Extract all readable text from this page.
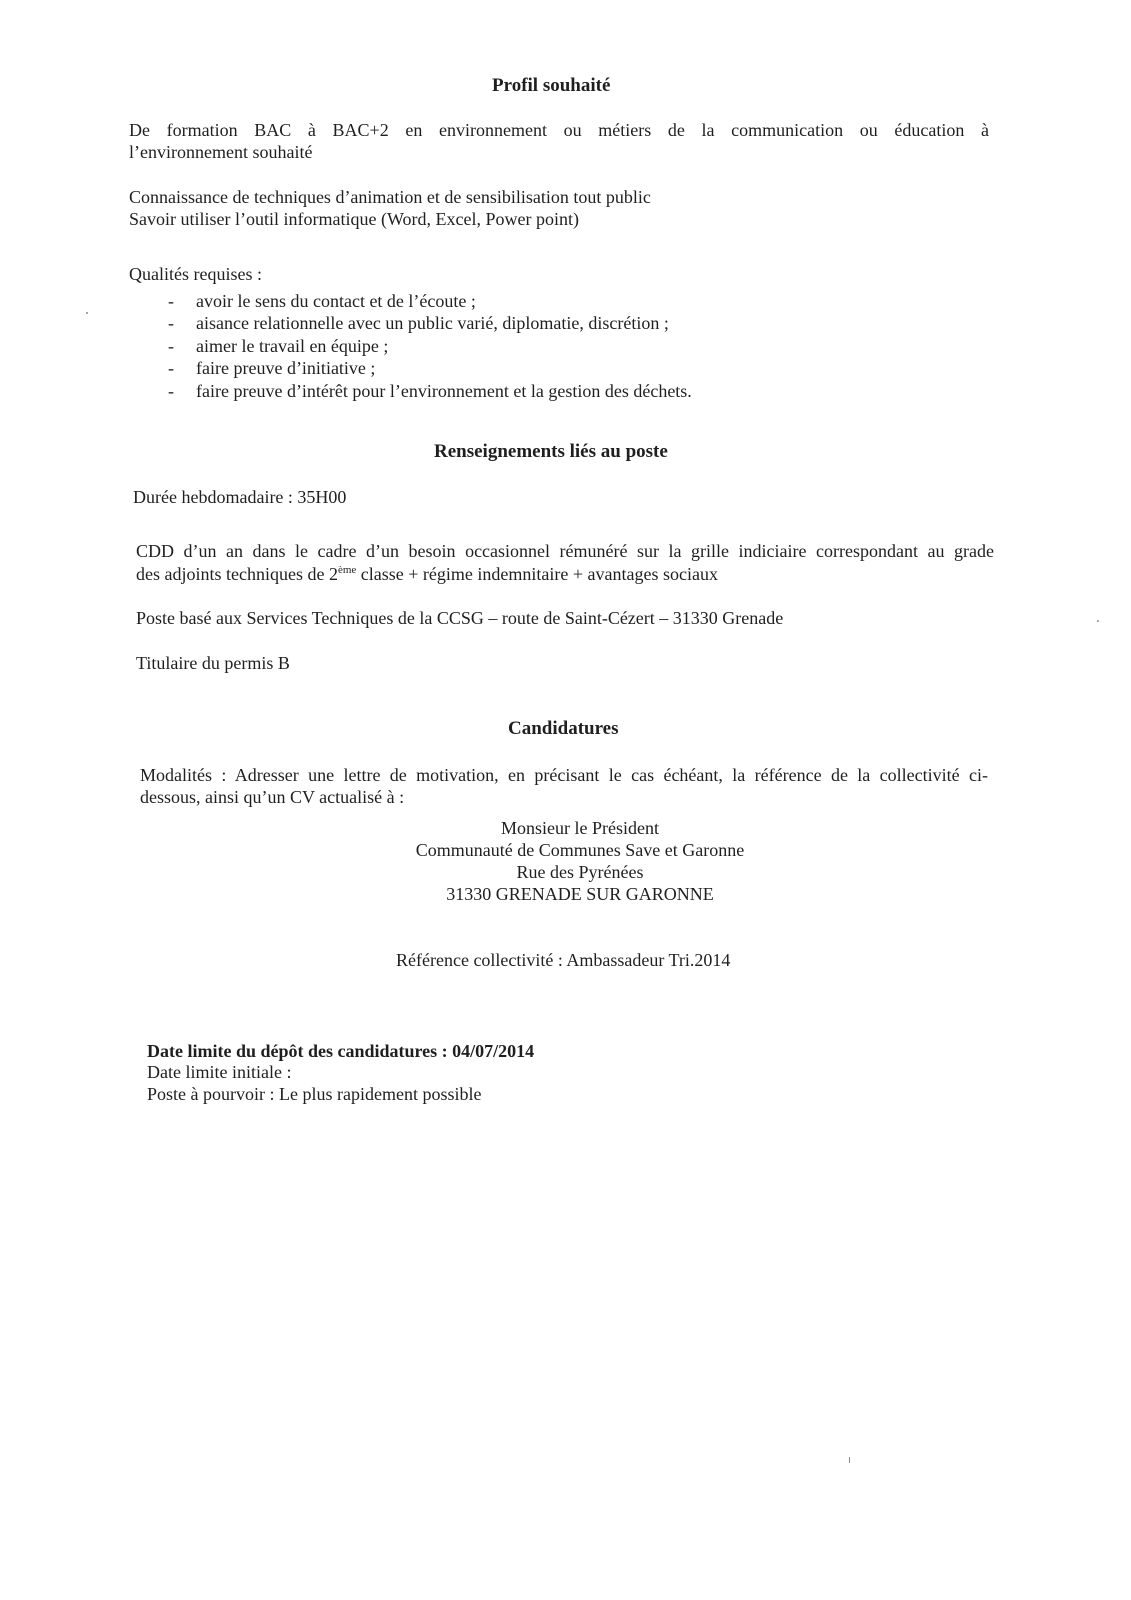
Profil souhaité
De formation BAC à BAC+2 en environnement ou métiers de la communication ou éducation à
l’environnement souhaité
Connaissance de techniques d’animation et de sensibilisation tout public
Savoir utiliser l’outil informatique (Word, Excel, Power point)
Qualités requises :
- avoir le sens du contact et de l’écoute ;
- aisance relationnelle avec un public varié, diplomatie, discrétion ;
- aimer le travail en équipe ;
- faire preuve d’initiative ;
- faire preuve d’intérêt pour l’environnement et la gestion des déchets.
Renseignements liés au poste
Durée hebdomadaire : 35H00
CDD d’un an dans le cadre d’un besoin occasionnel rémunéré sur la grille indiciaire correspondant au grade
des adjoints techniques de 2ème classe + régime indemnitaire + avantages sociaux
Poste basé aux Services Techniques de la CCSG – route de Saint-Cézert – 31330 Grenade
Titulaire du permis B
Candidatures
Modalités : Adresser une lettre de motivation, en précisant le cas échéant, la référence de la collectivité ci-
dessous, ainsi qu’un CV actualisé à :
Monsieur le Président
Communauté de Communes Save et Garonne
Rue des Pyrénées
31330 GRENADE SUR GARONNE
Référence collectivité : Ambassadeur Tri.2014
Date limite du dépôt des candidatures : 04/07/2014
Date limite initiale :
Poste à pourvoir : Le plus rapidement possible
